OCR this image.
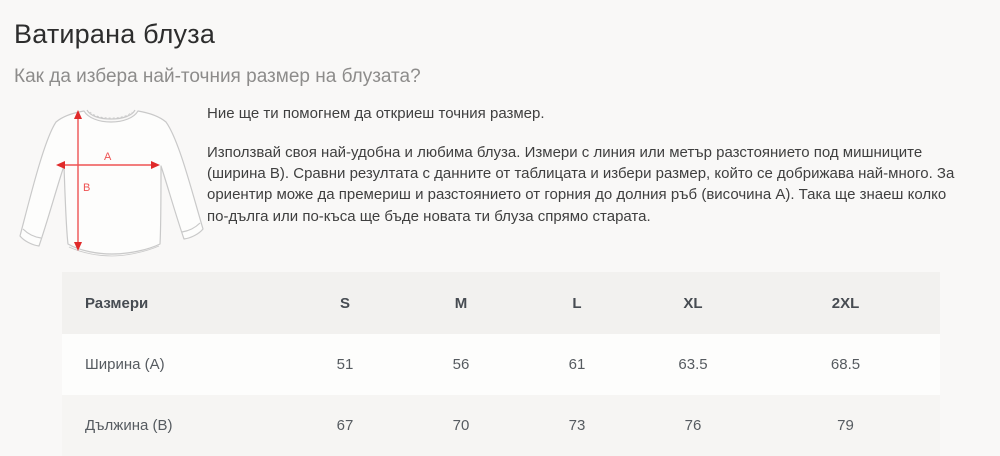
Ватирана блуза
Как да избера най-точния размер на блузата?
A
B

Ние ще ти помогнем да откриеш точния размер.

Използвай своя най-удобна и любима блуза. Измери с линия или метър разстоянието под мишниците (ширина B). Сравни резултата с данните от таблицата и избери размер, който се добрижава най-много. За ориентир може да премериш и разстоянието от горния до долния ръб (височина A). Така ще знаеш колко по-дълга или по-къса ще бъде новата ти блуза спрямо старата.

Размери	S	M	L	XL	2XL
Ширина (A)	51	56	61	63.5	68.5
Дължина (B)	67	70	73	76	79
